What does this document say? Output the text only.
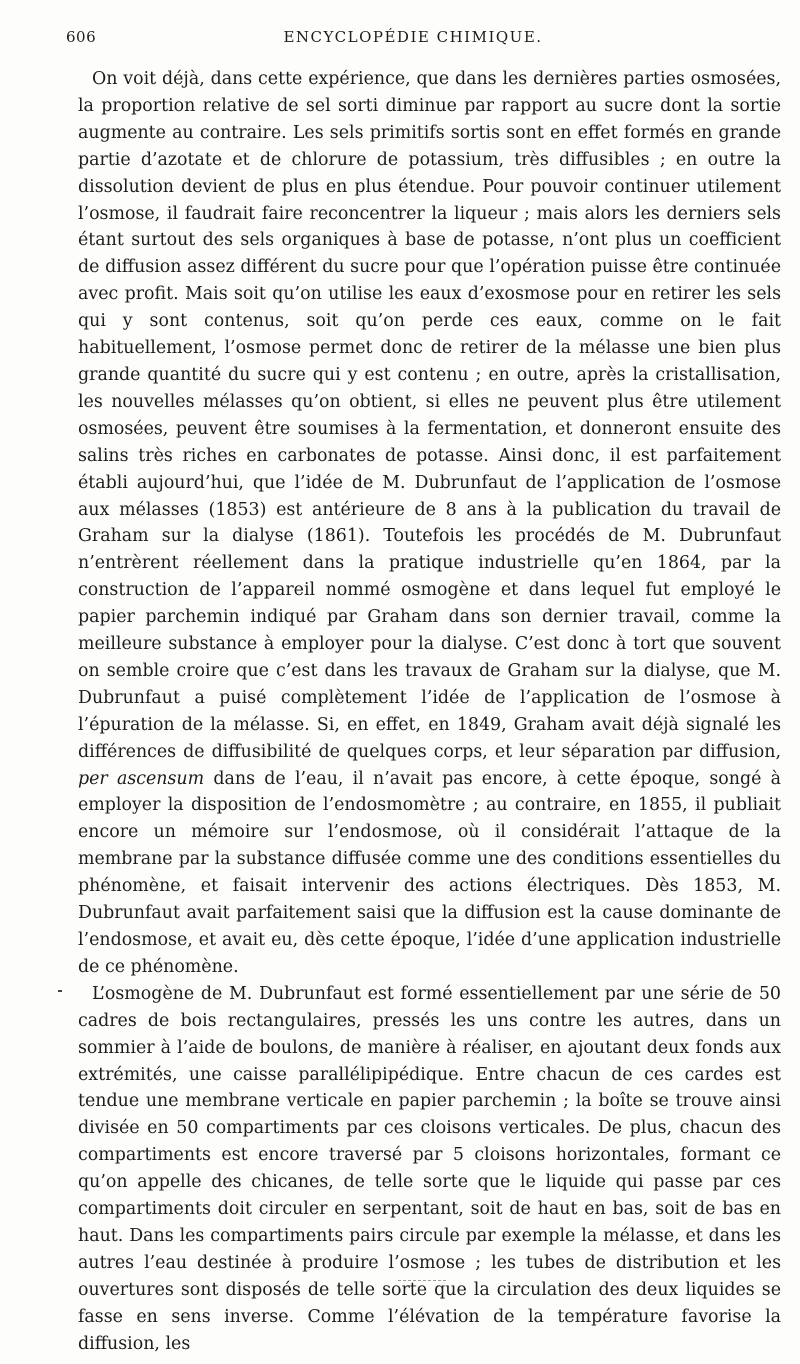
606	ENCYCLOPÉDIE CHIMIQUE.

On voit déjà, dans cette expérience, que dans les dernières parties osmosées, la proportion relative de sel sorti diminue par rapport au sucre dont la sortie augmente au contraire. Les sels primitifs sortis sont en effet formés en grande partie d’azotate et de chlorure de potassium, très diffusibles ; en outre la dissolution devient de plus en plus étendue. Pour pouvoir continuer utilement l’osmose, il faudrait faire reconcentrer la liqueur ; mais alors les derniers sels étant surtout des sels organiques à base de potasse, n’ont plus un coefficient de diffusion assez différent du sucre pour que l’opération puisse être continuée avec profit. Mais soit qu’on utilise les eaux d’exosmose pour en retirer les sels qui y sont contenus, soit qu’on perde ces eaux, comme on le fait habituellement, l’osmose permet donc de retirer de la mélasse une bien plus grande quantité du sucre qui y est contenu ; en outre, après la cristallisation, les nouvelles mélasses qu’on obtient, si elles ne peuvent plus être utilement osmosées, peuvent être soumises à la fermentation, et donneront ensuite des salins très riches en carbonates de potasse. Ainsi donc, il est parfaitement établi aujourd’hui, que l’idée de M. Dubrunfaut de l’application de l’osmose aux mélasses (1853) est antérieure de 8 ans à la publication du travail de Graham sur la dialyse (1861). Toutefois les procédés de M. Dubrunfaut n’entrèrent réellement dans la pratique industrielle qu’en 1864, par la construction de l’appareil nommé osmogène et dans lequel fut employé le papier parchemin indiqué par Graham dans son dernier travail, comme la meilleure substance à employer pour la dialyse. C’est donc à tort que souvent on semble croire que c’est dans les travaux de Graham sur la dialyse, que M. Dubrunfaut a puisé complètement l’idée de l’application de l’osmose à l’épuration de la mélasse. Si, en effet, en 1849, Graham avait déjà signalé les différences de diffusibilité de quelques corps, et leur séparation par diffusion, per ascensum dans de l’eau, il n’avait pas encore, à cette époque, songé à employer la disposition de l’endosmomètre ; au contraire, en 1855, il publiait encore un mémoire sur l’endosmose, où il considérait l’attaque de la membrane par la substance diffusée comme une des conditions essentielles du phénomène, et faisait intervenir des actions électriques. Dès 1853, M. Dubrunfaut avait parfaitement saisi que la diffusion est la cause dominante de l’endosmose, et avait eu, dès cette époque, l’idée d’une application industrielle de ce phénomène.

L’osmogène de M. Dubrunfaut est formé essentiellement par une série de 50 cadres de bois rectangulaires, pressés les uns contre les autres, dans un sommier à l’aide de boulons, de manière à réaliser, en ajoutant deux fonds aux extrémités, une caisse parallélipipédique. Entre chacun de ces cardes est tendue une membrane verticale en papier parchemin ; la boîte se trouve ainsi divisée en 50 compartiments par ces cloisons verticales. De plus, chacun des compartiments est encore traversé par 5 cloisons horizontales, formant ce qu’on appelle des chicanes, de telle sorte que le liquide qui passe par ces compartiments doit circuler en serpentant, soit de haut en bas, soit de bas en haut. Dans les compartiments pairs circule par exemple la mélasse, et dans les autres l’eau destinée à produire l’osmose ; les tubes de distribution et les ouvertures sont disposés de telle sorte que la circulation des deux liquides se fasse en sens inverse. Comme l’élévation de la température favorise la diffusion, les
